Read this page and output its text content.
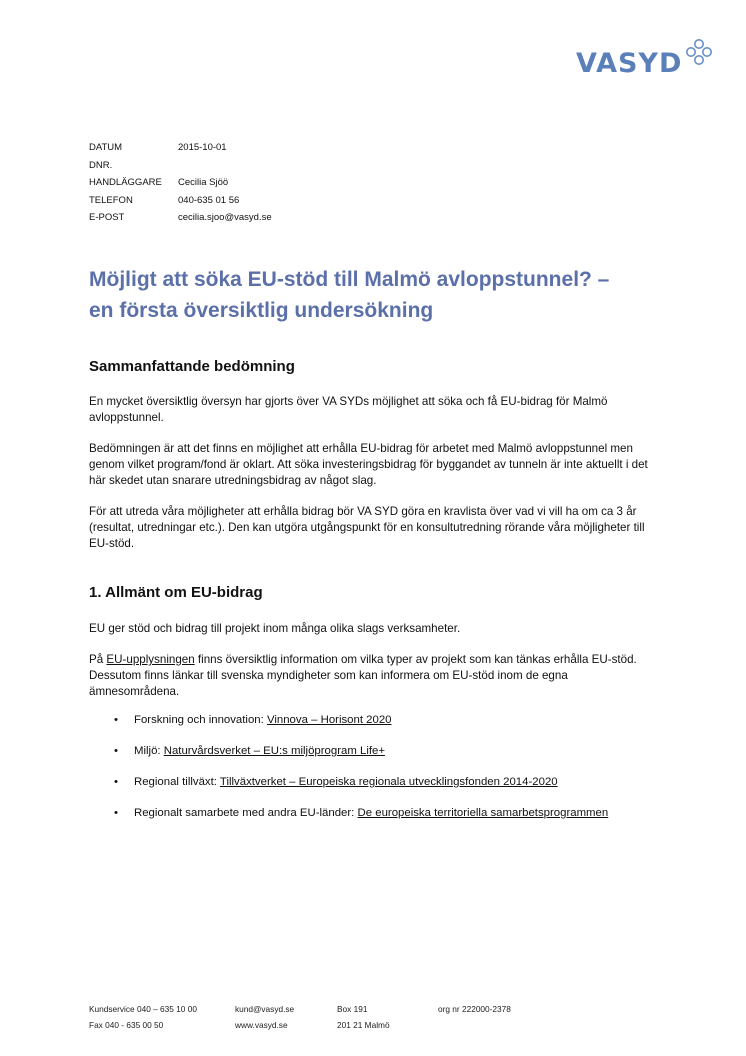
VASYD
DATUM	2015-10-01
DNR.
HANDLÄGGARE	Cecilia Sjöö
TELEFON	040-635 01 56
E-POST	cecilia.sjoo@vasyd.se
Möjligt att söka EU-stöd till Malmö avloppstunnel? –
en första översiktlig undersökning
Sammanfattande bedömning

En mycket översiktlig översyn har gjorts över VA SYDs möjlighet att söka och få EU-bidrag för Malmö avloppstunnel.

Bedömningen är att det finns en möjlighet att erhålla EU-bidrag för arbetet med Malmö avloppstunnel men genom vilket program/fond är oklart. Att söka investeringsbidrag för byggandet av tunneln är inte aktuellt i det här skedet utan snarare utredningsbidrag av något slag.

För att utreda våra möjligheter att erhålla bidrag bör VA SYD göra en kravlista över vad vi vill ha om ca 3 år (resultat, utredningar etc.). Den kan utgöra utgångspunkt för en konsultutredning rörande våra möjligheter till EU-stöd.

1. Allmänt om EU-bidrag

EU ger stöd och bidrag till projekt inom många olika slags verksamheter.

På EU-upplysningen finns översiktlig information om vilka typer av projekt som kan tänkas erhålla EU-stöd. Dessutom finns länkar till svenska myndigheter som kan informera om EU-stöd inom de egna ämnesområdena.

• Forskning och innovation: Vinnova – Horisont 2020
• Miljö: Naturvårdsverket – EU:s miljöprogram Life+
• Regional tillväxt: Tillväxtverket – Europeiska regionala utvecklingsfonden 2014-2020
• Regionalt samarbete med andra EU-länder: De europeiska territoriella samarbetsprogrammen
Kundservice 040 – 635 10 00
Fax 040 - 635 00 50
kund@vasyd.se
www.vasyd.se
Box 191
201 21 Malmö
org nr 222000-2378
